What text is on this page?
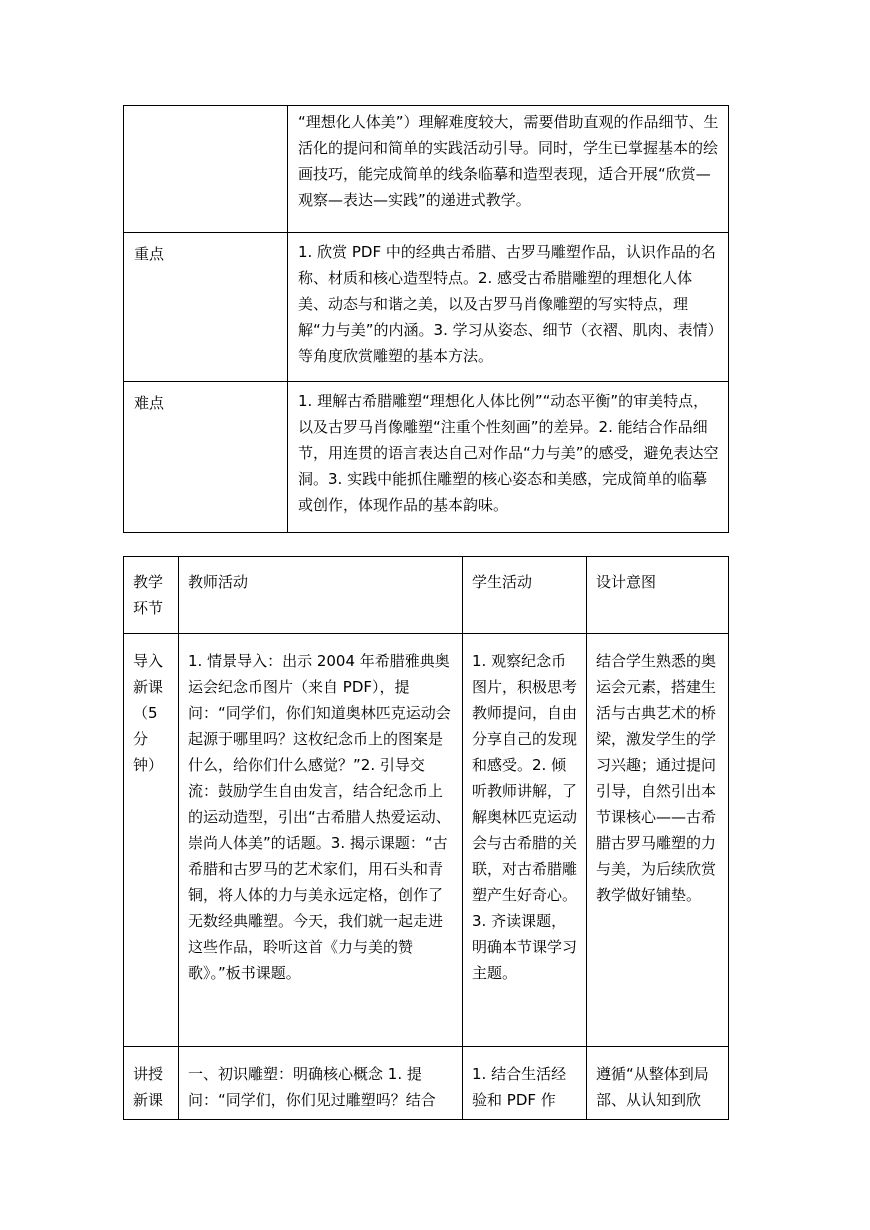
	“理想化人体美”）理解难度较大，需要借助直观的作品细节、生活化的提问和简单的实践活动引导。同时，学生已掌握基本的绘画技巧，能完成简单的线条临摹和造型表现，适合开展“欣赏—观察—表达—实践”的递进式教学。
重点	1. 欣赏 PDF 中的经典古希腊、古罗马雕塑作品，认识作品的名称、材质和核心造型特点。2. 感受古希腊雕塑的理想化人体美、动态与和谐之美，以及古罗马肖像雕塑的写实特点，理解“力与美”的内涵。3. 学习从姿态、细节（衣褶、肌肉、表情）等角度欣赏雕塑的基本方法。
难点	1. 理解古希腊雕塑“理想化人体比例”“动态平衡”的审美特点，以及古罗马肖像雕塑“注重个性刻画”的差异。2. 能结合作品细节，用连贯的语言表达自己对作品“力与美”的感受，避免表达空洞。3. 实践中能抓住雕塑的核心姿态和美感，完成简单的临摹或创作，体现作品的基本韵味。
教学环节	教师活动	学生活动	设计意图
导入新课（5分钟）	1. 情景导入：出示 2004 年希腊雅典奥运会纪念币图片（来自 PDF），提问：“同学们，你们知道奥林匹克运动会起源于哪里吗？这枚纪念币上的图案是什么，给你们什么感觉？”2. 引导交流：鼓励学生自由发言，结合纪念币上的运动造型，引出“古希腊人热爱运动、崇尚人体美”的话题。3. 揭示课题：“古希腊和古罗马的艺术家们，用石头和青铜，将人体的力与美永远定格，创作了无数经典雕塑。今天，我们就一起走进这些作品，聆听这首《力与美的赞歌》。”板书课题。	1. 观察纪念币图片，积极思考教师提问，自由分享自己的发现和感受。2. 倾听教师讲解，了解奥林匹克运动会与古希腊的关联，对古希腊雕塑产生好奇心。3. 齐读课题，明确本节课学习主题。	结合学生熟悉的奥运会元素，搭建生活与古典艺术的桥梁，激发学生的学习兴趣；通过提问引导，自然引出本节课核心——古希腊古罗马雕塑的力与美，为后续欣赏教学做好铺垫。
讲授新课	一、初识雕塑：明确核心概念 1. 提问：“同学们，你们见过雕塑吗？结合	1. 结合生活经验和 PDF 作	遵循“从整体到局部、从认知到欣
